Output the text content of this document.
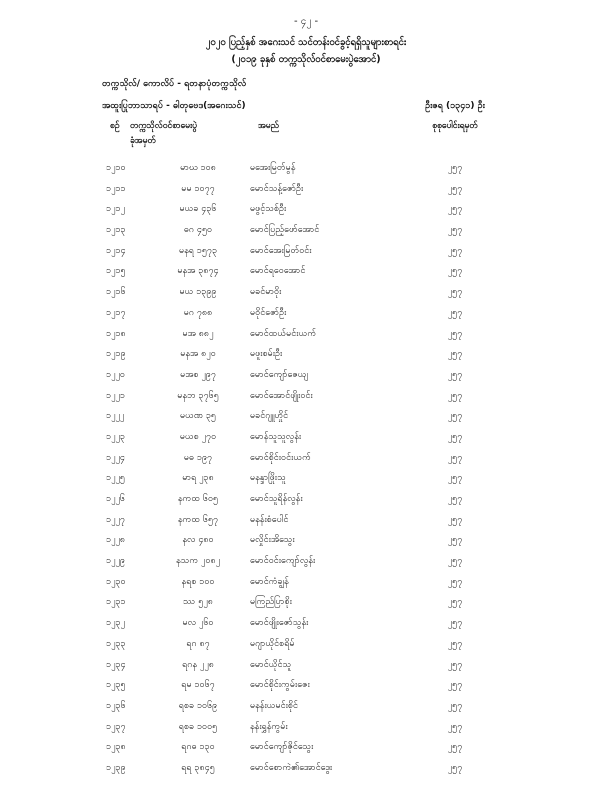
- ၄၂ -
၂၀၂၀ ပြည့်နှစ် အဂေးသင် သင်တန်းဝင်ခွင့်ရရှိသူများစာရင်း
(၂၀၁၉ ခုနှစ် တက္ကသိုလ်ဝင်စာမေးပွဲအောင်)
တက္ကသိုလ်/ ကောလိပ် - ရတနာပုံတက္ကသိုလ်
အထူးပြုဘာသာရပ် - ဓါတုဗေဒ(အဂေးသင်)	ဦးဇရ (၁၃၄၁) ဦး
စဉ် တက္ကသိုလ်ဝင်စာမေးပွဲ
ခုံအမှတ်
အမည်	စုစုပေါင်းရမှတ်
၁၂၁၀	မာဃ ၁၀၈	မအေးမြတ်မွန်	၂၅၇
၁၂၁၁	မမ ၁၀၇၇	မောင်သန့်ဇော်ဦး	၂၅၇
၁၂၁၂	မယခ ၄၃၆	မဖွင့်သစ်ဦး	၂၅၇
၁၂၁၃	ဓဂ ၄၅၀	မောင်ပြည့်ဖော်အောင်	၂၅၇
၁၂၁၄	မနရ ၁၅၇၃	မောင်အေးမြတ်ဝင်း	၂၅၇
၁၂၁၅	မနအ ၃၈၇၄	မောင်ရဝေအောင်	၂၅၇
၁၂၁၆	မယ ၁၃၉၉	မခင်မာဝိုး	၂၅၇
၁၂၁၇	မဂ ၇၈၈	မဝိုင်ဇော်ဦး	၂၅၇
၁၂၁၈	မအ ၈၈၂	မောင်ထယ်မင်းယက်	၂၅၇
၁၂၁၉	မနအ ၈၂၀	မဖူးစမ်းဦး	၂၅၇
၁၂၂၀	မအစ ၂၉၇	မောင်ကျော်ဇေယျ	၂၅၇
၁၂၂၁	မနဘ ၃၇၆၅	မောင်အောင်ဖျိုးဝင်း	၂၅၇
၁၂၂၂	မယဏ ၃၅	မခင်ဂျူဟှိုင်	၂၅၇
၁၂၂၃	မယစ ၂၇၀	မောန်သူသူလွန်း	၂၅၇
၁၂၂၄	မဓ ၁၉၇	မောင်စိုင်းဝင်းယက်	၂၅၇
၁၂၂၅	မာရ ၂၃၈	မနန္ဒာဖြိုးသူ	၂၅၇
၁၂၂၆	နကထ ၆၀၅	မောင်သူရိန်လွန်း	၂၅၇
၁၂၂၇	နကထ ၆၅၇	မနန်းစံပေါင်	၂၅၇
၁၂၂၈	နလ ၄၈၀	မလှိုင်းအိသွေး	၂၅၇
၁၂၂၉	နသက ၂၀၈၂	မောင်ဝင်းကျော်လွန်း	၂၅၇
၁၂၃၀	နရစ ၁၀၀	မောင်ကံချွန်	၂၅၇
၁၂၃၁	ဿ ၅၂၈	မကြည်ပြာစိုး	၂၅၇
၁၂၃၂	မလ ၂၆၀	မောင်ဖျိုးဇော်သွန်း	၂၅၇
၁၂၃၃	ရဂ ၈၇	မဂျာယိုင်စရိမ်	၂၅၇
၁၂၃၄	ရဂန ၂၂၈	မောင်ယိုင်သူ	၂၅၇
၁၂၃၅	ရမ ၁၀၆၇	မောင်စိုင်းကွမ်းဇေး	၂၅၇
၁၂၃၆	ရစခ ၁၀၆၉	မနန်းယမင်းစိုင်	၂၅၇
၁၂၃၇	ရစခ ၁၀၀၅	နန်းရွှန်ကွမ်း	၂၅၇
၁၂၃၈	ရဂဓ ၁၃၀	မောင်ကျော်ဇိုင်သွေး	၂၅၇
၁၂၃၉	ရရ ၃၈၄၅	မောင်စောကဲ၏အောင်ဒွေး	၂၅၇
